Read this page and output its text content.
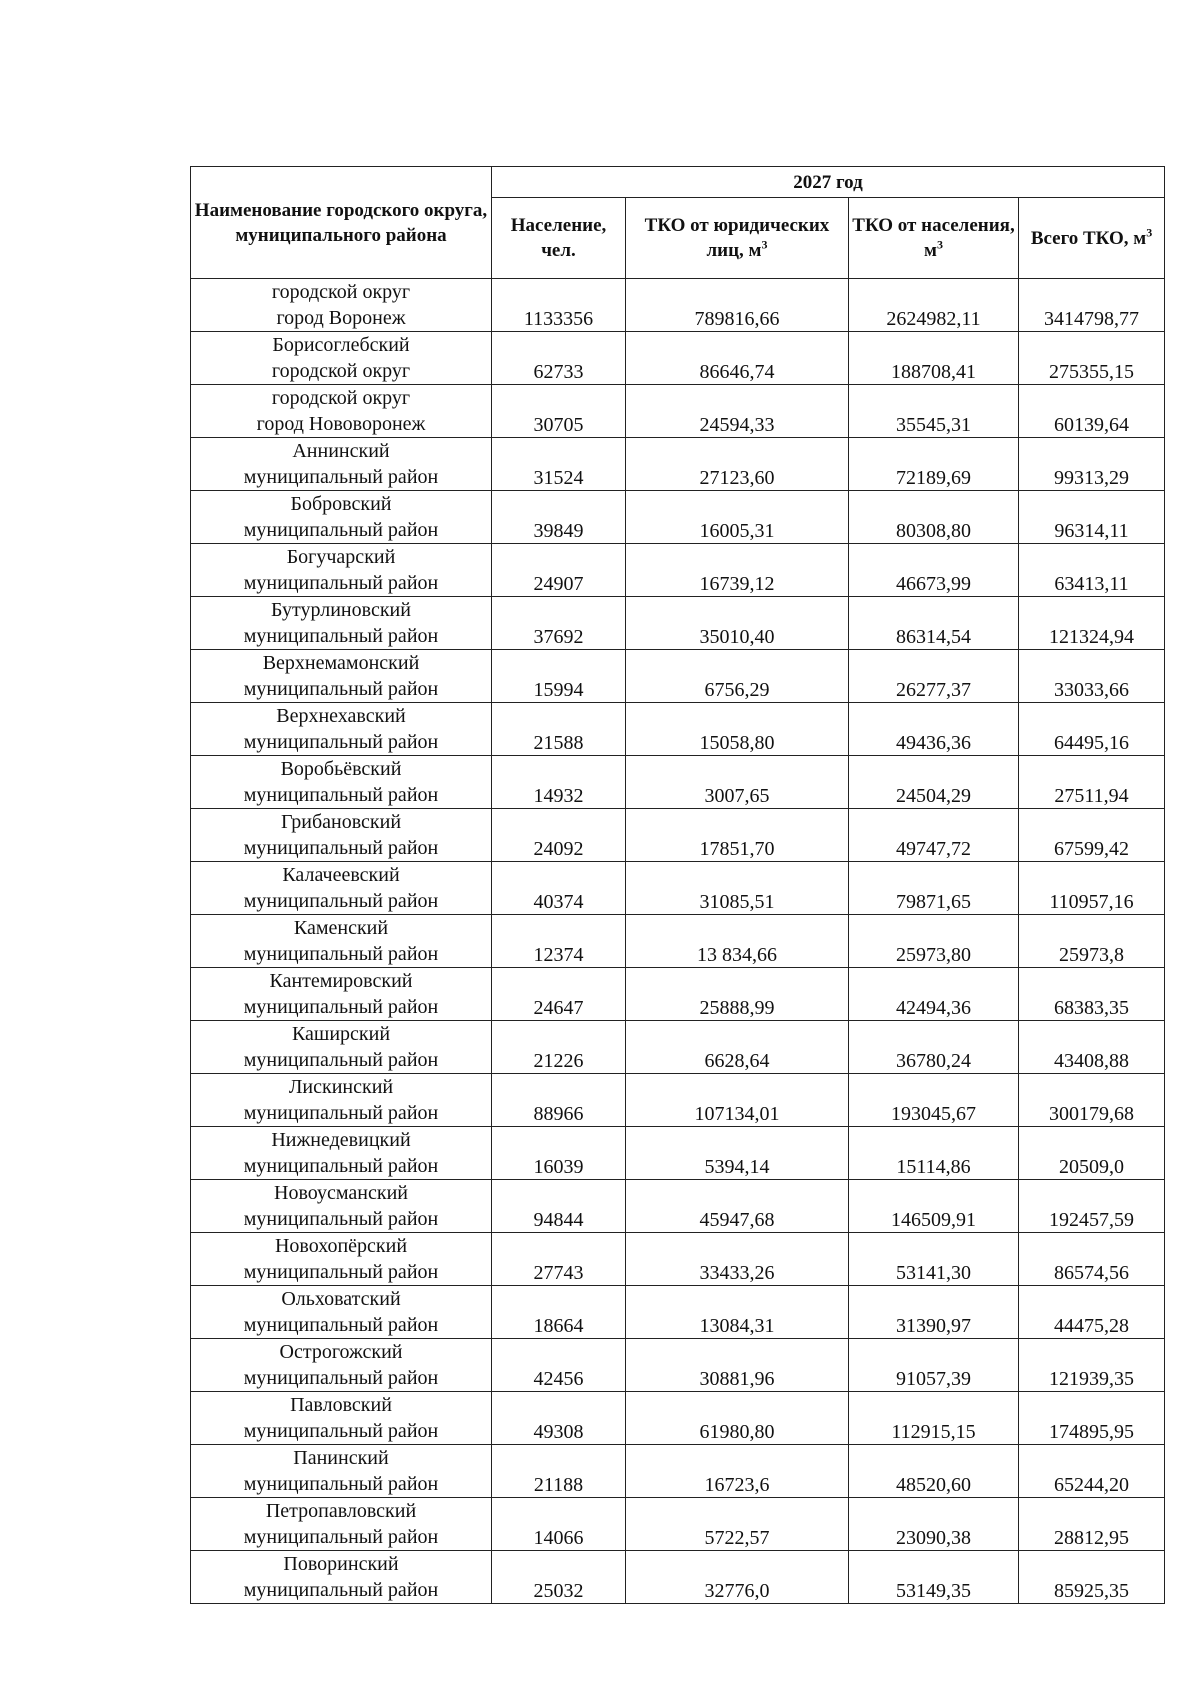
Наименование городского округа, муниципального района	2027 год			
	Население, чел.	ТКО от юридических лиц, $м^3$	ТКО от населения, $м^3$	Всего ТКО, $м^3$

городской округ
город Воронеж	1133356	789816,66	2624982,11	3414798,77

Борисоглебский
городской округ	62733	86646,74	188708,41	275355,15

городской округ
город Нововоронеж	30705	24594,33	35545,31	60139,64

Аннинский
муниципальный район	31524	27123,60	72189,69	99313,29

Бобровский
муниципальный район	39849	16005,31	80308,80	96314,11

Богучарский
муниципальный район	24907	16739,12	46673,99	63413,11

Бутурлиновский
муниципальный район	37692	35010,40	86314,54	121324,94

Верхнемамонский
муниципальный район	15994	6756,29	26277,37	33033,66

Верхнехавский
муниципальный район	21588	15058,80	49436,36	64495,16

Воробьёвский
муниципальный район	14932	3007,65	24504,29	27511,94

Грибановский
муниципальный район	24092	17851,70	49747,72	67599,42

Калачеевский
муниципальный район	40374	31085,51	79871,65	110957,16

Каменский
муниципальный район	12374	13 834,66	25973,80	25973,8

Кантемировский
муниципальный район	24647	25888,99	42494,36	68383,35

Каширский
муниципальный район	21226	6628,64	36780,24	43408,88

Лискинский
муниципальный район	88966	107134,01	193045,67	300179,68

Нижнедевицкий
муниципальный район	16039	5394,14	15114,86	20509,0

Новоусманский
муниципальный район	94844	45947,68	146509,91	192457,59

Новохопёрский
муниципальный район	27743	33433,26	53141,30	86574,56

Ольховатский
муниципальный район	18664	13084,31	31390,97	44475,28

Острогожский
муниципальный район	42456	30881,96	91057,39	121939,35

Павловский
муниципальный район	49308	61980,80	112915,15	174895,95

Панинский
муниципальный район	21188	16723,6	48520,60	65244,20

Петропавловский
муниципальный район	14066	5722,57	23090,38	28812,95

Поворинский
муниципальный район	25032	32776,0	53149,35	85925,35
